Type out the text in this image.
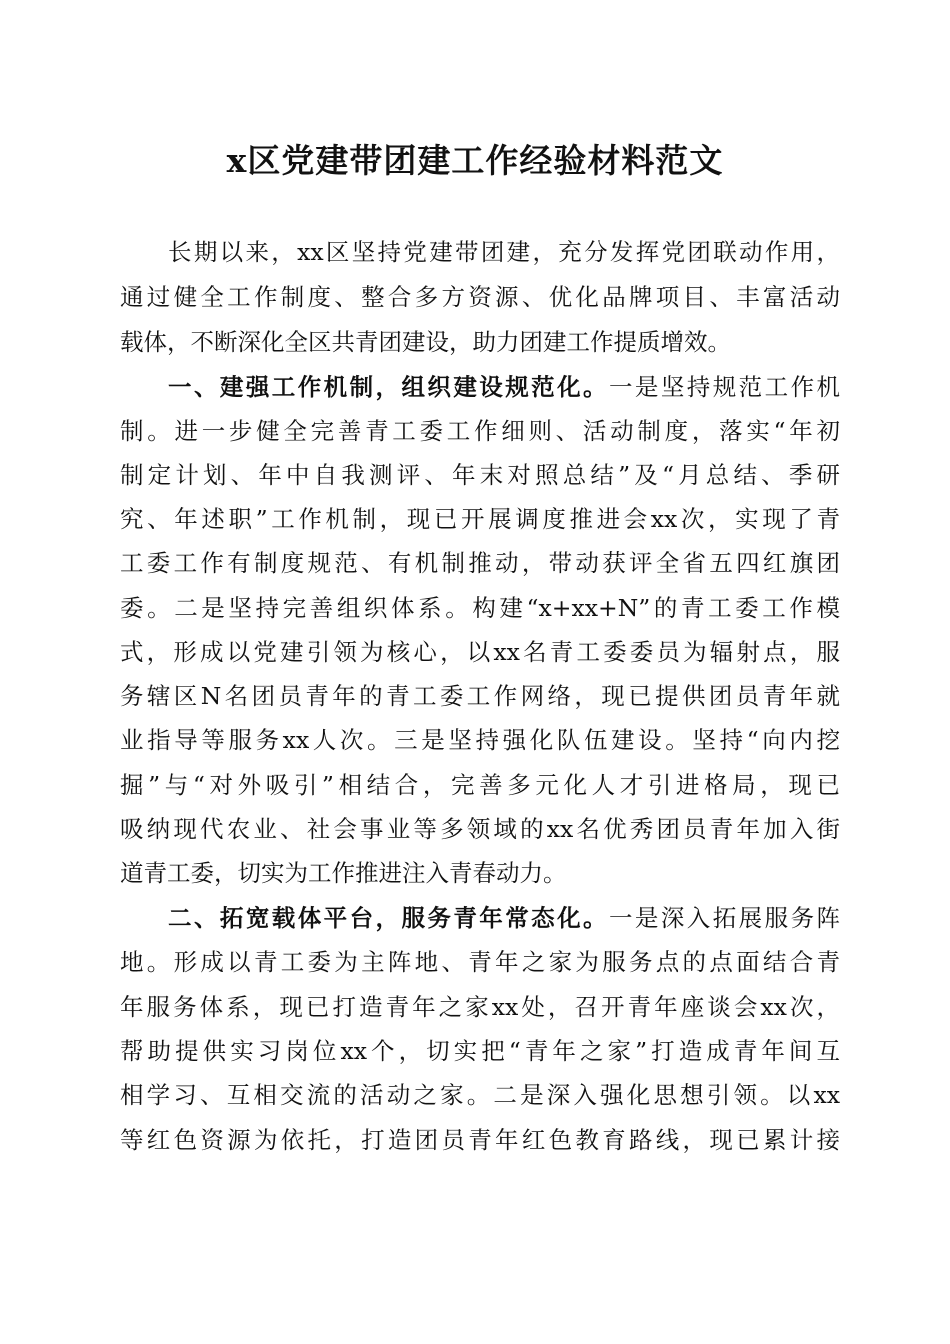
x区党建带团建工作经验材料范文
长期以来，xx区坚持党建带团建，充分发挥党团联动作用，
通过健全工作制度、整合多方资源、优化品牌项目、丰富活动
载体，不断深化全区共青团建设，助力团建工作提质增效。
一、建强工作机制，组织建设规范化。一是坚持规范工作机
制。进一步健全完善青工委工作细则、活动制度，落实“年初
制定计划、年中自我测评、年末对照总结”及“月总结、季研
究、年述职”工作机制，现已开展调度推进会xx次，实现了青
工委工作有制度规范、有机制推动，带动获评全省五四红旗团
委。二是坚持完善组织体系。构建“x+xx+N”的青工委工作模
式，形成以党建引领为核心，以xx名青工委委员为辐射点，服
务辖区N名团员青年的青工委工作网络，现已提供团员青年就
业指导等服务xx人次。三是坚持强化队伍建设。坚持“向内挖
掘”与“对外吸引”相结合，完善多元化人才引进格局，现已
吸纳现代农业、社会事业等多领域的xx名优秀团员青年加入街
道青工委，切实为工作推进注入青春动力。
二、拓宽载体平台，服务青年常态化。一是深入拓展服务阵
地。形成以青工委为主阵地、青年之家为服务点的点面结合青
年服务体系，现已打造青年之家xx处，召开青年座谈会xx次，
帮助提供实习岗位xx个，切实把“青年之家”打造成青年间互
相学习、互相交流的活动之家。二是深入强化思想引领。以xx
等红色资源为依托，打造团员青年红色教育路线，现已累计接
